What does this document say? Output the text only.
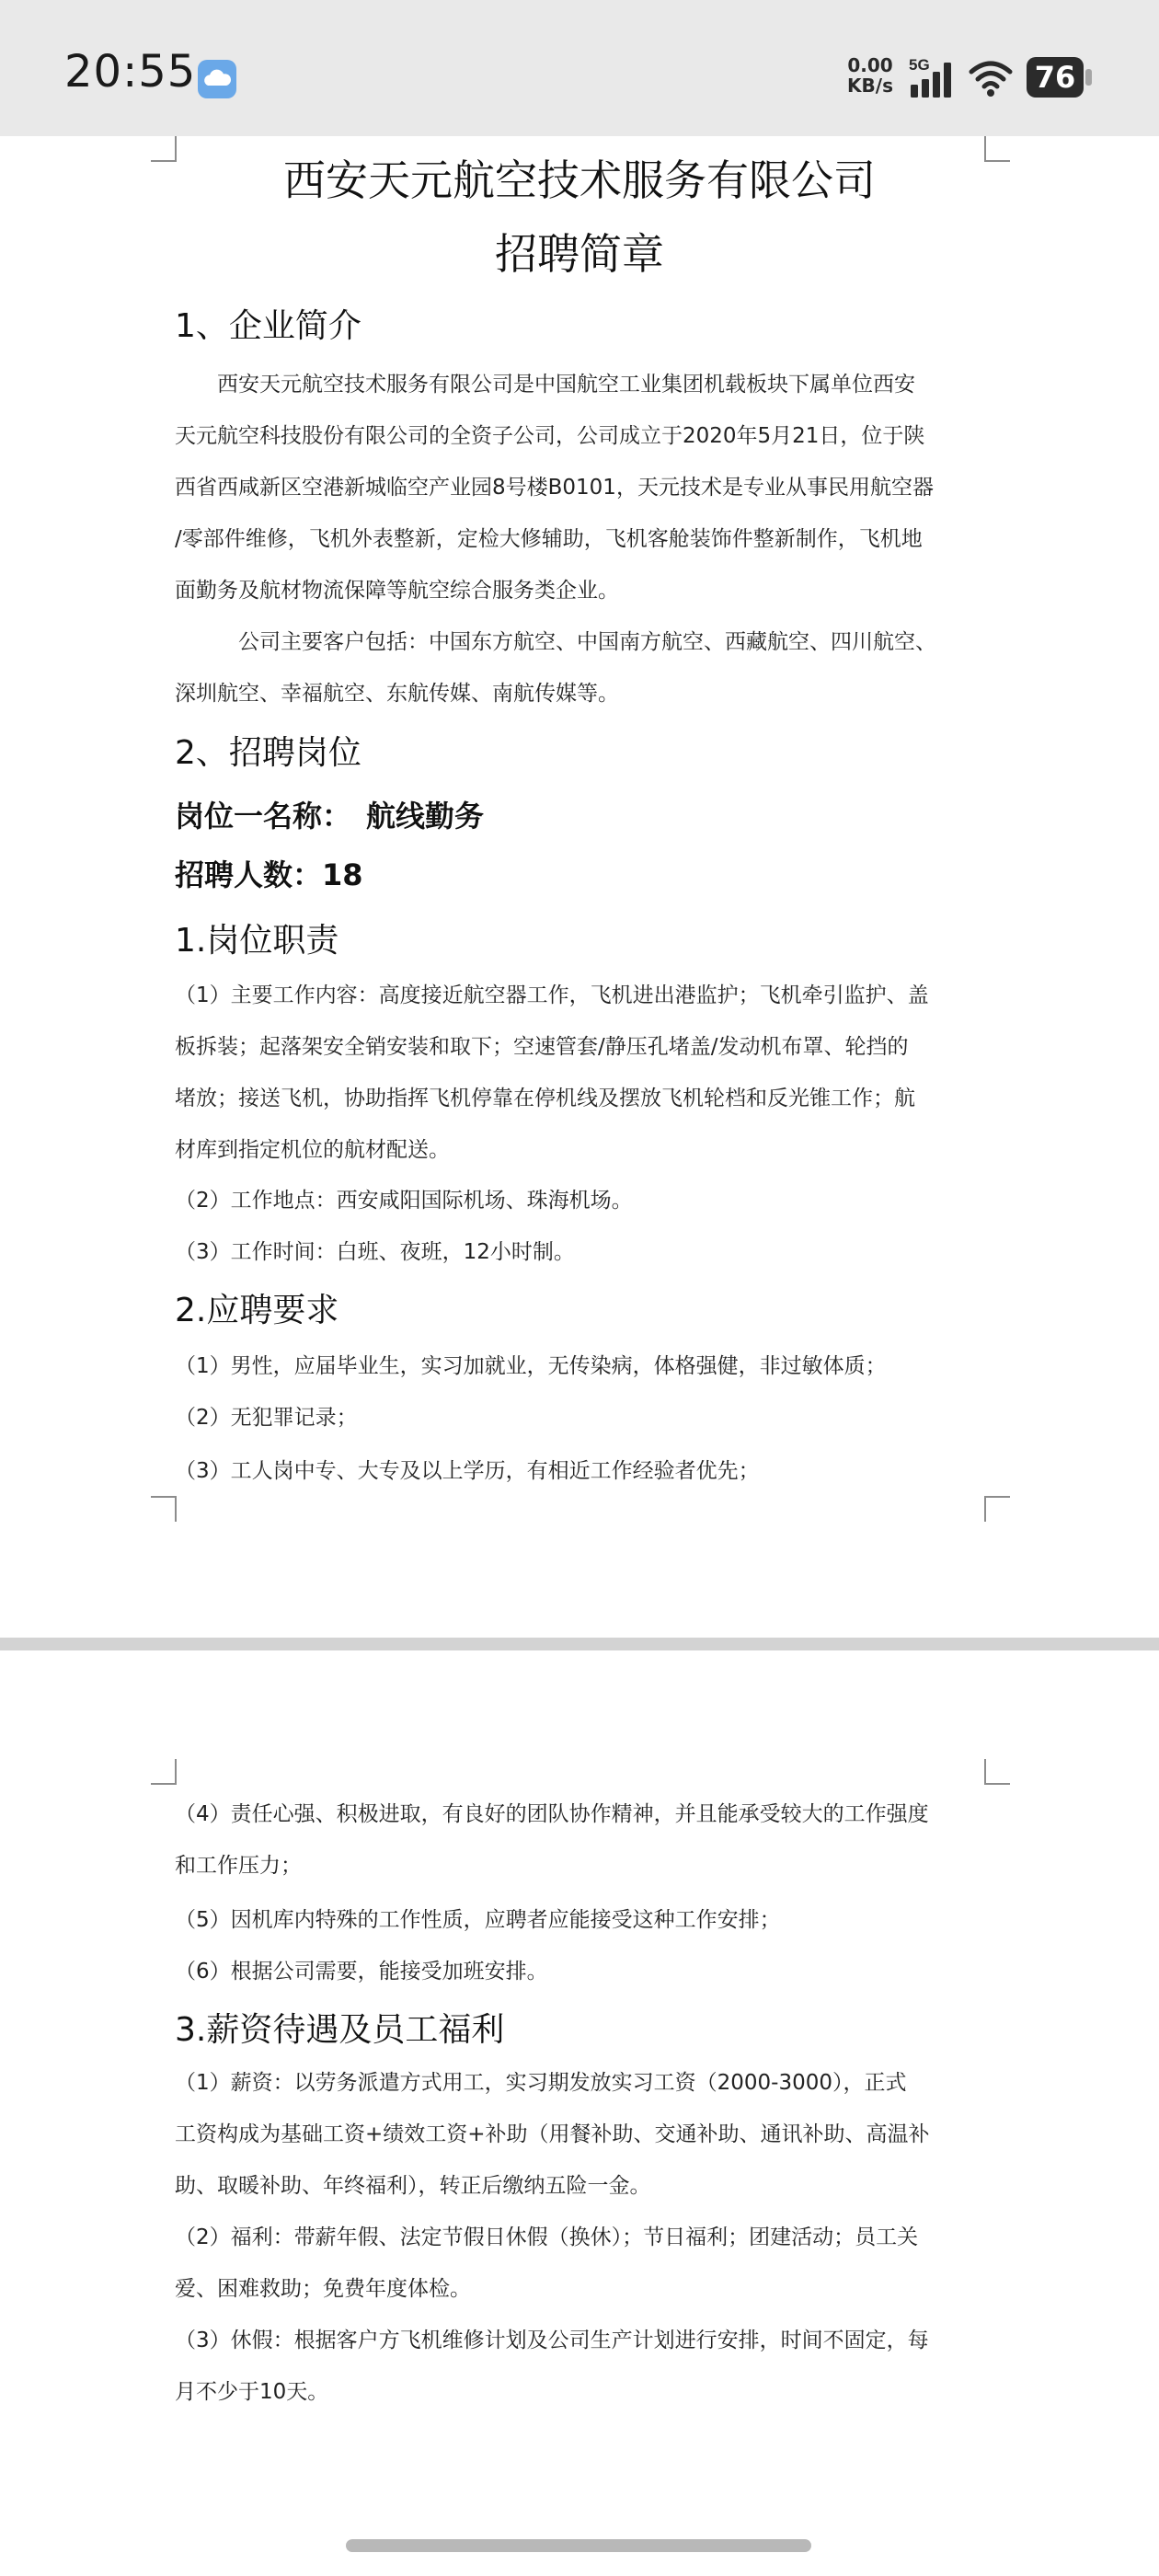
20:55	0.00
KB/s
5G	76
西安天元航空技术服务有限公司
招聘简章
1、企业简介
　　西安天元航空技术服务有限公司是中国航空工业集团机载板块下属单位西安
天元航空科技股份有限公司的全资子公司，公司成立于2020年5月21日，位于陕
西省西咸新区空港新城临空产业园8号楼B0101，天元技术是专业从事民用航空器
/零部件维修，飞机外表整新，定检大修辅助，飞机客舱装饰件整新制作，飞机地
面勤务及航材物流保障等航空综合服务类企业。
　　　公司主要客户包括：中国东方航空、中国南方航空、西藏航空、四川航空、
深圳航空、幸福航空、东航传媒、南航传媒等。
2、招聘岗位
岗位一名称：　航线勤务
招聘人数：18
1.岗位职责
（1）主要工作内容：高度接近航空器工作，飞机进出港监护；飞机牵引监护、盖
板拆装；起落架安全销安装和取下；空速管套/静压孔堵盖/发动机布罩、轮挡的
堵放；接送飞机，协助指挥飞机停靠在停机线及摆放飞机轮档和反光锥工作；航
材库到指定机位的航材配送。
（2）工作地点：西安咸阳国际机场、珠海机场。
（3）工作时间：白班、夜班，12小时制。
2.应聘要求
（1）男性，应届毕业生，实习加就业，无传染病，体格强健，非过敏体质；
（2）无犯罪记录；
（3）工人岗中专、大专及以上学历，有相近工作经验者优先；
（4）责任心强、积极进取，有良好的团队协作精神，并且能承受较大的工作强度
和工作压力；
（5）因机库内特殊的工作性质，应聘者应能接受这种工作安排；
（6）根据公司需要，能接受加班安排。
3.薪资待遇及员工福利
（1）薪资：以劳务派遣方式用工，实习期发放实习工资（2000-3000），正式
工资构成为基础工资+绩效工资+补助（用餐补助、交通补助、通讯补助、高温补
助、取暖补助、年终福利），转正后缴纳五险一金。
（2）福利：带薪年假、法定节假日休假（换休）；节日福利；团建活动；员工关
爱、困难救助；免费年度体检。
（3）休假：根据客户方飞机维修计划及公司生产计划进行安排，时间不固定，每
月不少于10天。
